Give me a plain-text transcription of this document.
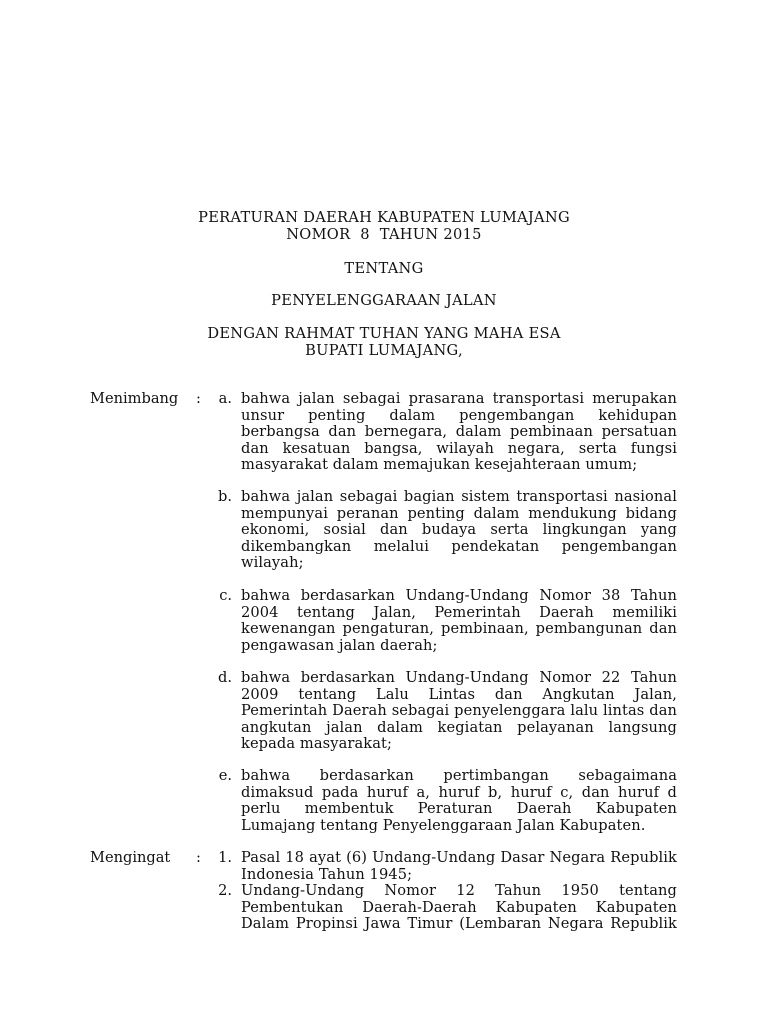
PERATURAN DAERAH KABUPATEN LUMAJANG
NOMOR  8  TAHUN 2015
TENTANG
PENYELENGGARAAN JALAN
DENGAN RAHMAT TUHAN YANG MAHA ESA
BUPATI LUMAJANG,
Menimbang :	a. bahwa jalan sebagai prasarana transportasi merupakan unsur penting dalam pengembangan kehidupan berbangsa dan bernegara, dalam pembinaan persatuan dan kesatuan bangsa, wilayah negara, serta fungsi masyarakat dalam memajukan kesejahteraan umum;
b. bahwa jalan sebagai bagian sistem transportasi nasional mempunyai peranan penting dalam mendukung bidang ekonomi, sosial dan budaya serta lingkungan yang dikembangkan melalui pendekatan pengembangan wilayah;
c. bahwa berdasarkan Undang-Undang Nomor 38 Tahun 2004 tentang Jalan, Pemerintah Daerah memiliki kewenangan pengaturan, pembinaan, pembangunan dan pengawasan jalan daerah;
d. bahwa berdasarkan Undang-Undang Nomor 22 Tahun 2009 tentang Lalu Lintas dan Angkutan Jalan, Pemerintah Daerah sebagai penyelenggara lalu lintas dan angkutan jalan dalam kegiatan pelayanan langsung kepada masyarakat;
e. bahwa berdasarkan pertimbangan sebagaimana dimaksud pada huruf a, huruf b, huruf c, dan huruf d perlu membentuk Peraturan Daerah Kabupaten Lumajang tentang Penyelenggaraan Jalan Kabupaten.
Mengingat :	1. Pasal 18 ayat (6) Undang-Undang Dasar Negara Republik Indonesia Tahun 1945;
2. Undang-Undang Nomor 12 Tahun 1950 tentang Pembentukan Daerah-Daerah Kabupaten Kabupaten Dalam Propinsi Jawa Timur (Lembaran Negara Republik
